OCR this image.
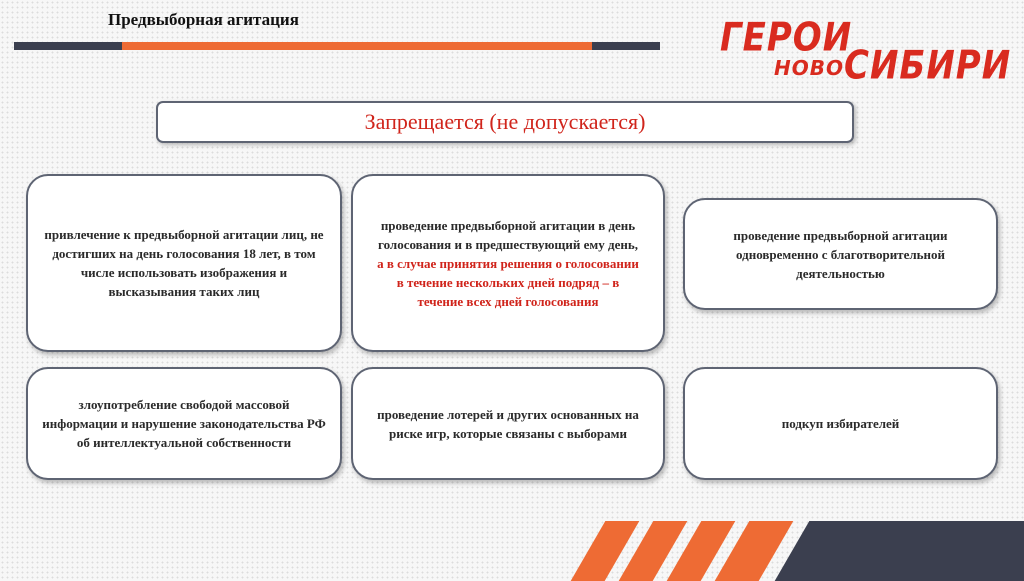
Предвыборная агитация	ГЕРОИ
НОВО СИБИРИ
Запрещается (не допускается)
привлечение к предвыборной агитации лиц, не достигших на день голосования 18 лет, в том числе использовать изображения и высказывания таких лиц
проведение предвыборной агитации в день голосования и в предшествующий ему день, а в случае принятия решения о голосовании в течение нескольких дней подряд – в течение всех дней голосования
проведение предвыборной агитации одновременно с благотворительной деятельностью
злоупотребление свободой массовой информации и нарушение законодательства РФ об интеллектуальной собственности
проведение лотерей и других основанных на риске игр, которые связаны с выборами
подкуп избирателей
